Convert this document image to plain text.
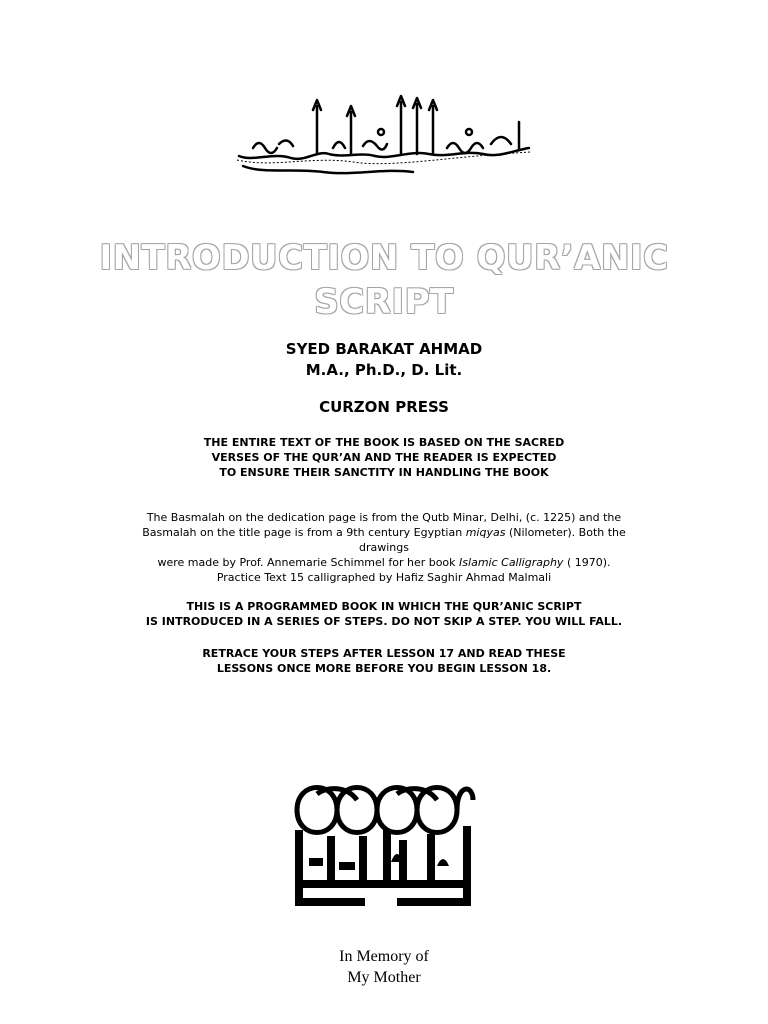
INTRODUCTION TO QUR’ANIC
SCRIPT
SYED BARAKAT AHMAD
M.A., Ph.D., D. Lit.
CURZON PRESS
THE ENTIRE TEXT OF THE BOOK IS BASED ON THE SACRED
VERSES OF THE QUR’AN AND THE READER IS EXPECTED
TO ENSURE THEIR SANCTITY IN HANDLING THE BOOK
The Basmalah on the dedication page is from the Qutb Minar, Delhi, (c. 1225) and the
Basmalah on the title page is from a 9th century Egyptian miqyas (Nilometer). Both the
drawings
were made by Prof. Annemarie Schimmel for her book Islamic Calligraphy ( 1970).
Practice Text 15 calligraphed by Hafiz Saghir Ahmad Malmali
THIS IS A PROGRAMMED BOOK IN WHICH THE QUR’ANIC SCRIPT
IS INTRODUCED IN A SERIES OF STEPS. DO NOT SKIP A STEP. YOU WILL FALL.
RETRACE YOUR STEPS AFTER LESSON 17 AND READ THESE
LESSONS ONCE MORE BEFORE YOU BEGIN LESSON 18.
In Memory of
My Mother
